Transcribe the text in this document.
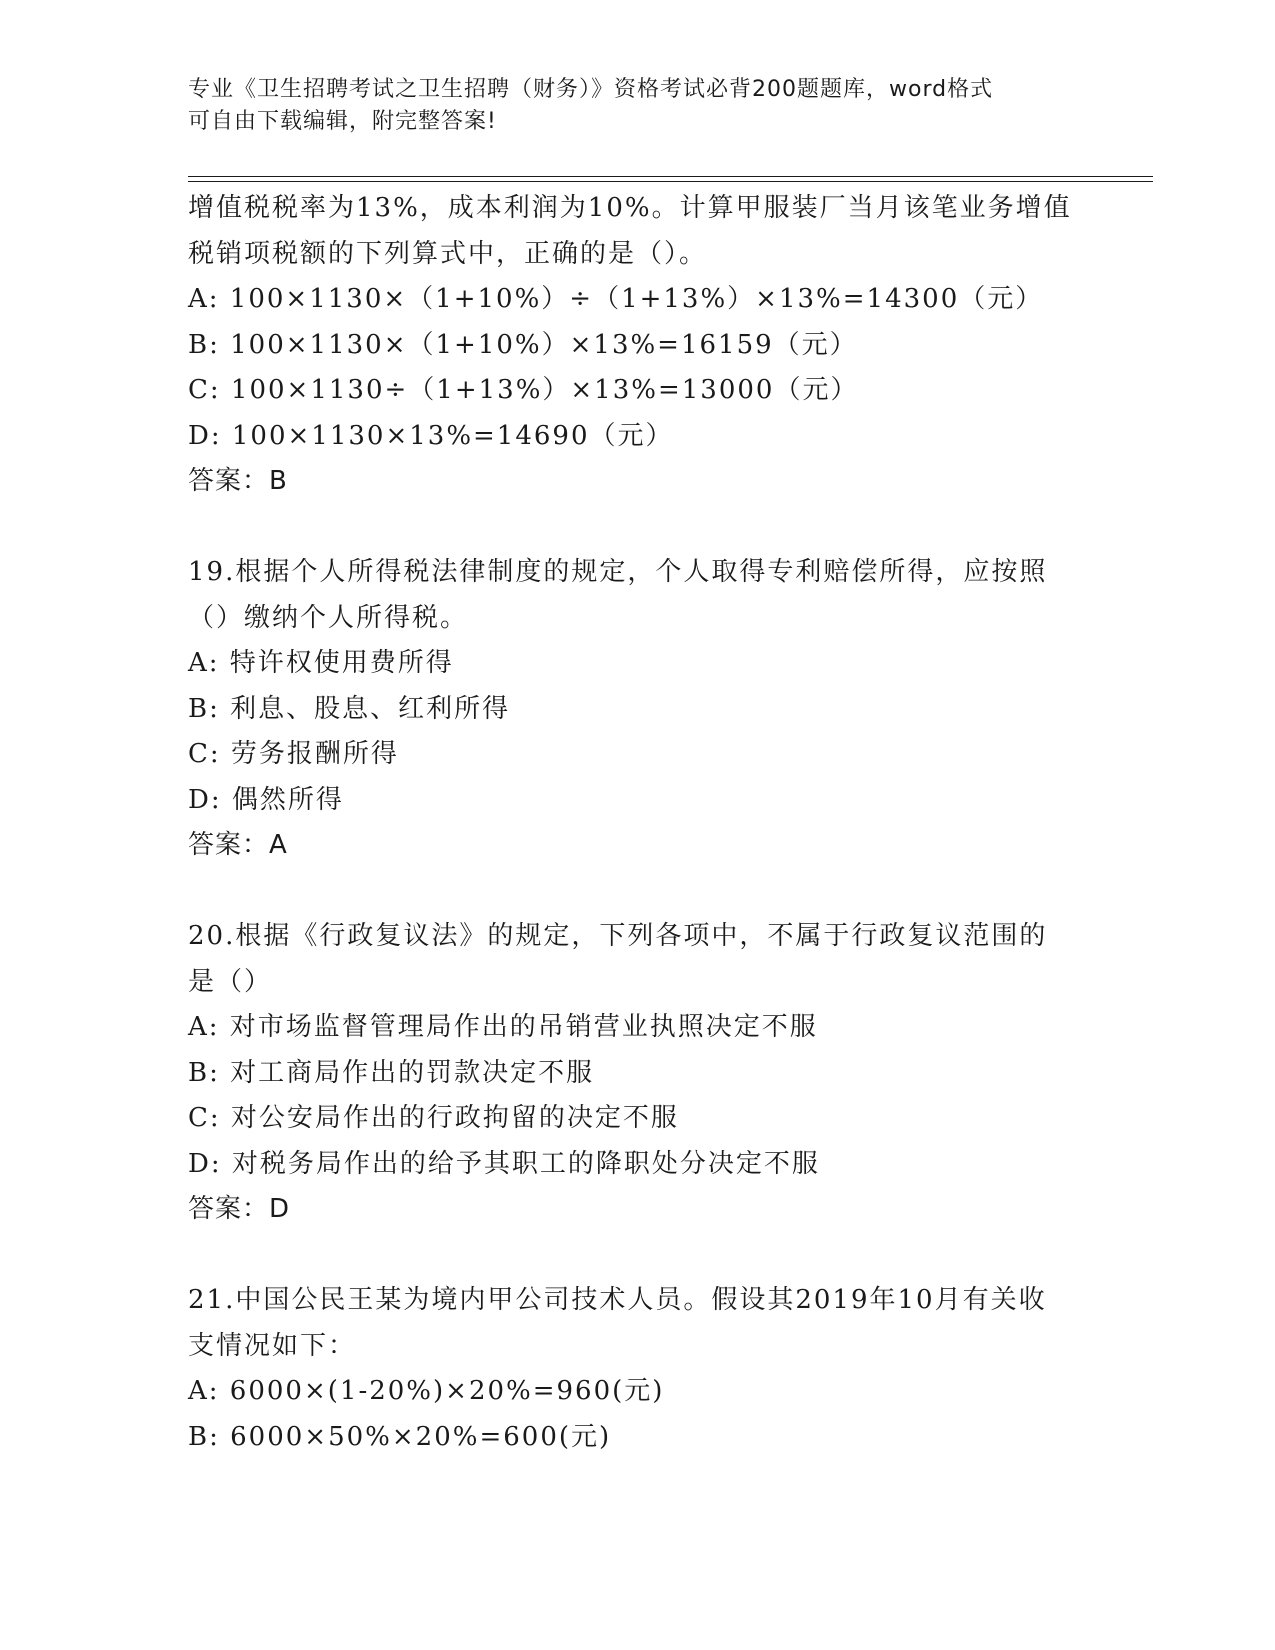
专业《卫生招聘考试之卫生招聘（财务）》资格考试必背200题题库，word格式
可自由下载编辑，附完整答案!
增值税税率为13%，成本利润为10%。计算甲服装厂当月该笔业务增值
税销项税额的下列算式中，正确的是（）。
A: 100×1130×（1+10%）÷（1+13%）×13%=14300（元）
B: 100×1130×（1+10%）×13%=16159（元）
C: 100×1130÷（1+13%）×13%=13000（元）
D: 100×1130×13%=14690（元）
答案：B
19.根据个人所得税法律制度的规定，个人取得专利赔偿所得，应按照
（）缴纳个人所得税。
A: 特许权使用费所得
B: 利息、股息、红利所得
C: 劳务报酬所得
D: 偶然所得
答案：A
20.根据《行政复议法》的规定，下列各项中，不属于行政复议范围的
是（）
A: 对市场监督管理局作出的吊销营业执照决定不服
B: 对工商局作出的罚款决定不服
C: 对公安局作出的行政拘留的决定不服
D: 对税务局作出的给予其职工的降职处分决定不服
答案：D
21.中国公民王某为境内甲公司技术人员。假设其2019年10月有关收
支情况如下：
A: 6000×(1-20%)×20%=960(元)
B: 6000×50%×20%=600(元)
